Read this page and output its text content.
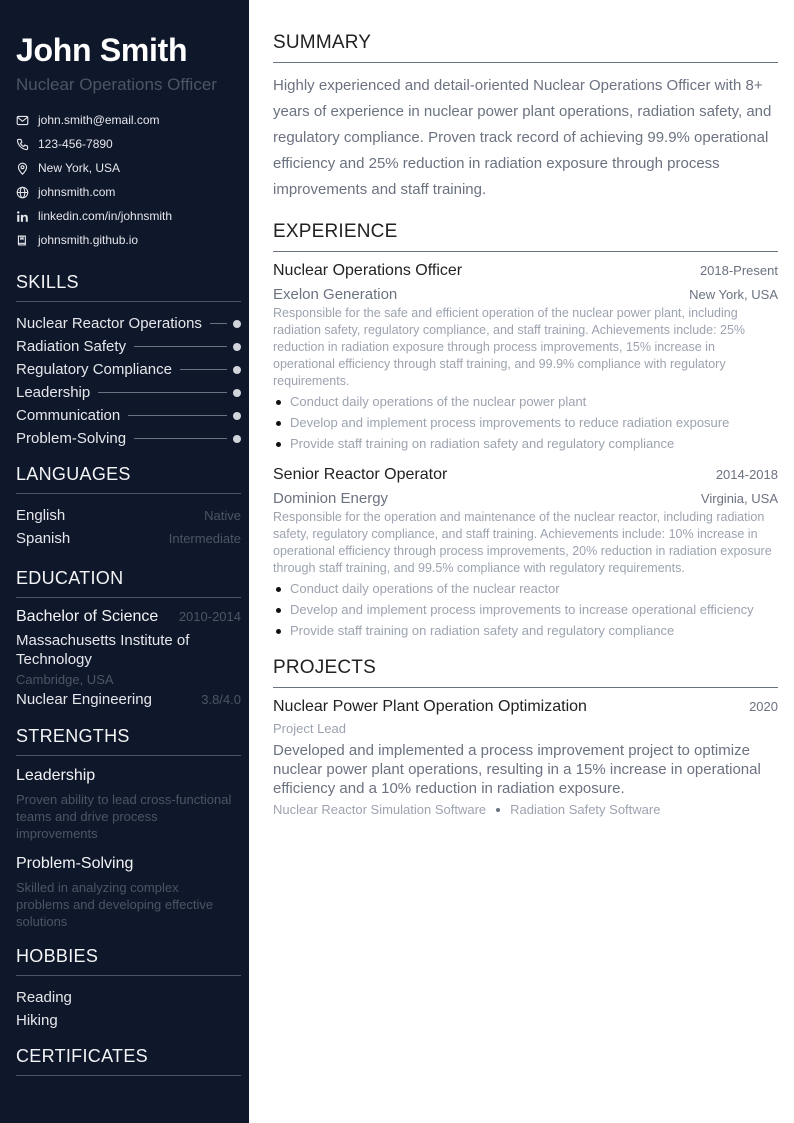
John Smith
Nuclear Operations Officer
john.smith@email.com
123-456-7890
New York, USA
johnsmith.com
linkedin.com/in/johnsmith
johnsmith.github.io
SKILLS
Nuclear Reactor Operations
Radiation Safety
Regulatory Compliance
Leadership
Communication
Problem-Solving
LANGUAGES
English	Native
Spanish	Intermediate
EDUCATION
Bachelor of Science 2010-2014
Massachusetts Institute of Technology
Cambridge, USA
Nuclear Engineering	3.8/4.0
STRENGTHS
Leadership
Proven ability to lead cross-functional teams and drive process improvements
Problem-Solving
Skilled in analyzing complex problems and developing effective solutions
HOBBIES
Reading
Hiking
CERTIFICATES
SUMMARY
Highly experienced and detail-oriented Nuclear Operations Officer with 8+ years of experience in nuclear power plant operations, radiation safety, and regulatory compliance. Proven track record of achieving 99.9% operational efficiency and 25% reduction in radiation exposure through process improvements and staff training.
EXPERIENCE
Nuclear Operations Officer	2018-Present
Exelon Generation	New York, USA
Responsible for the safe and efficient operation of the nuclear power plant, including radiation safety, regulatory compliance, and staff training. Achievements include: 25% reduction in radiation exposure through process improvements, 15% increase in operational efficiency through staff training, and 99.9% compliance with regulatory requirements.
Conduct daily operations of the nuclear power plant
Develop and implement process improvements to reduce radiation exposure
Provide staff training on radiation safety and regulatory compliance
Senior Reactor Operator	2014-2018
Dominion Energy	Virginia, USA
Responsible for the operation and maintenance of the nuclear reactor, including radiation safety, regulatory compliance, and staff training. Achievements include: 10% increase in operational efficiency through process improvements, 20% reduction in radiation exposure through staff training, and 99.5% compliance with regulatory requirements.
Conduct daily operations of the nuclear reactor
Develop and implement process improvements to increase operational efficiency
Provide staff training on radiation safety and regulatory compliance
PROJECTS
Nuclear Power Plant Operation Optimization	2020
Project Lead
Developed and implemented a process improvement project to optimize nuclear power plant operations, resulting in a 15% increase in operational efficiency and a 10% reduction in radiation exposure.
Nuclear Reactor Simulation Software Radiation Safety Software
